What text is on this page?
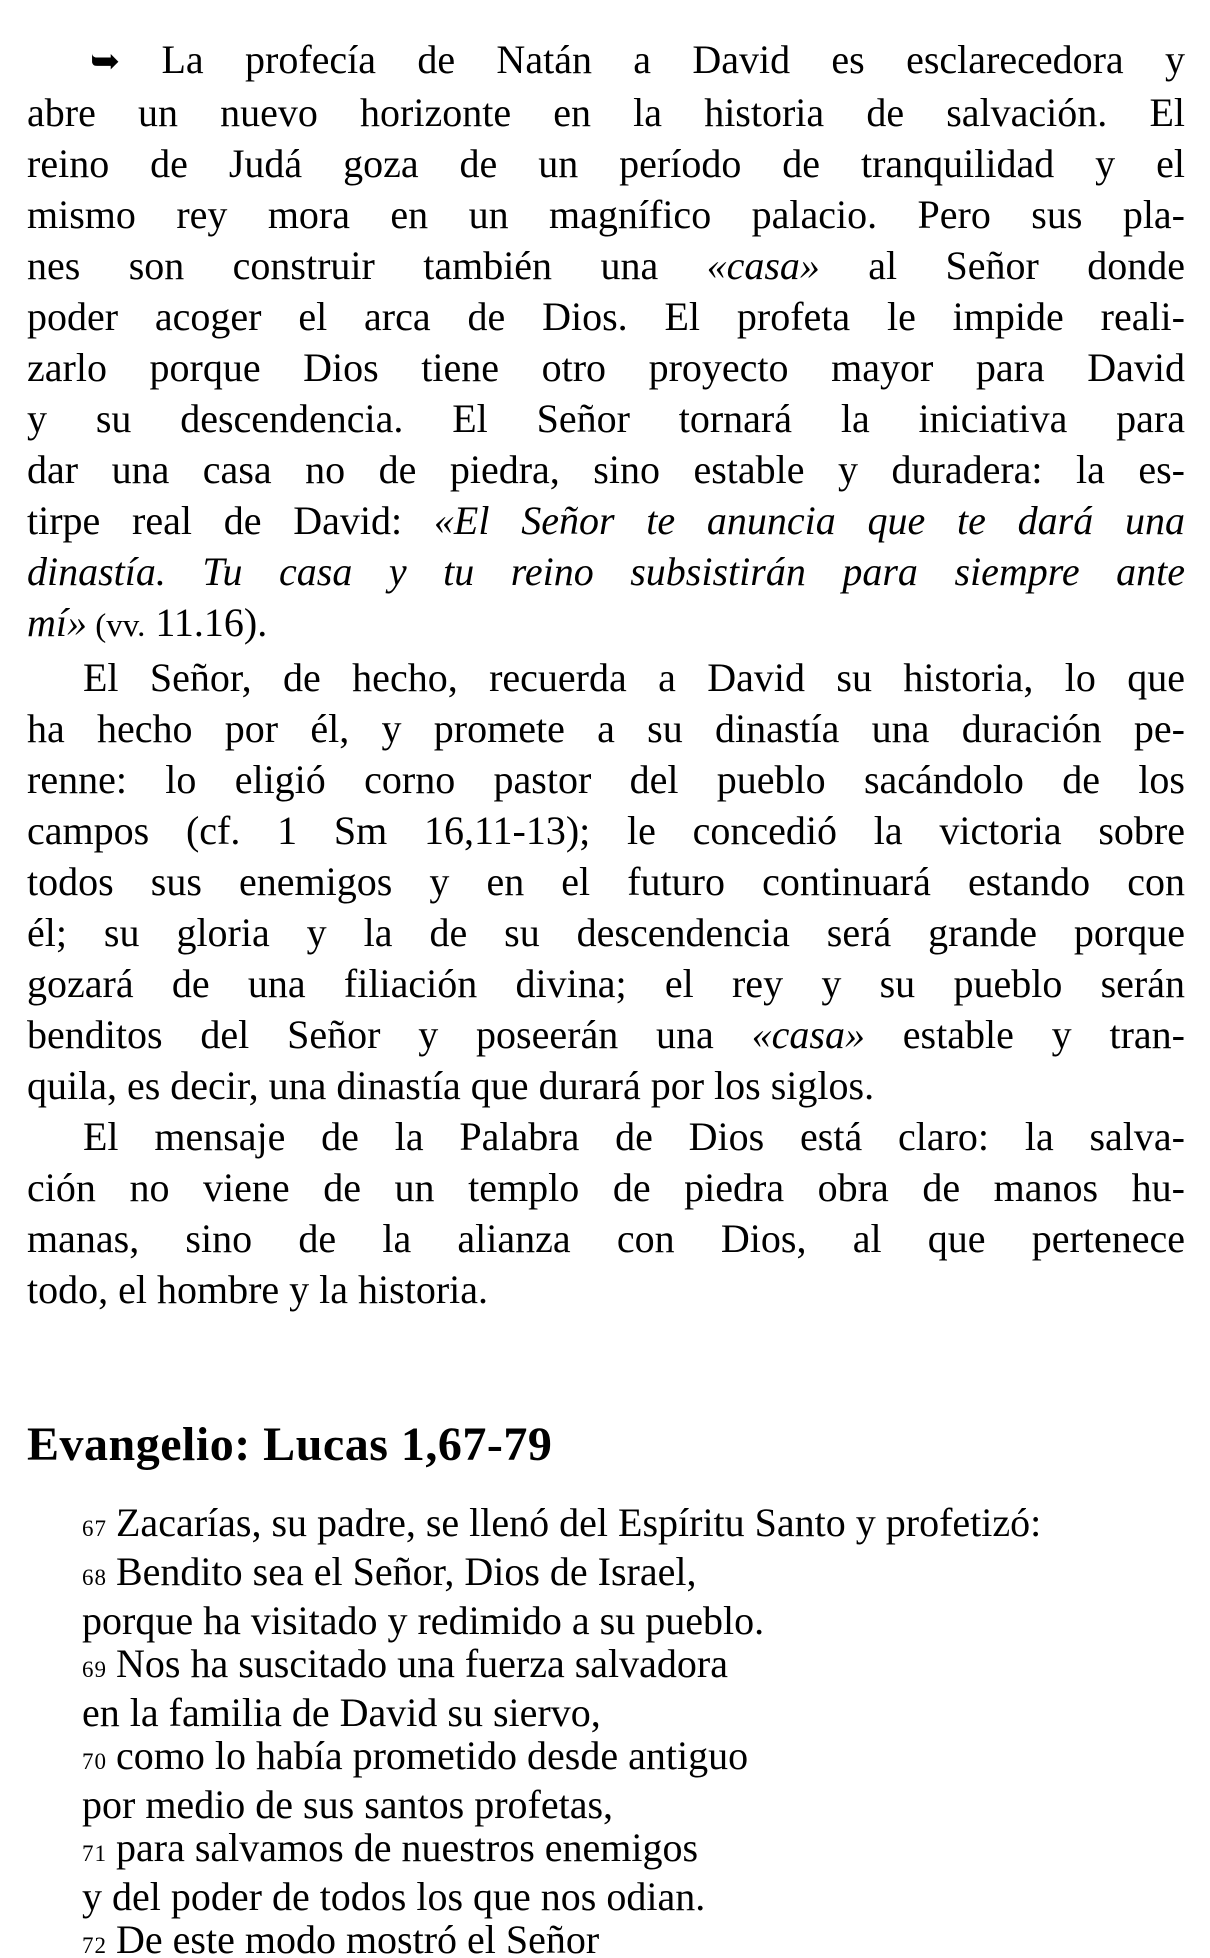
➥ La profecía de Natán a David es esclarecedora y
abre un nuevo horizonte en la historia de salvación. El
reino de Judá goza de un período de tranquilidad y el
mismo rey mora en un magnífico palacio. Pero sus pla-
nes son construir también una «casa» al Señor donde
poder acoger el arca de Dios. El profeta le impide reali-
zarlo porque Dios tiene otro proyecto mayor para David
y su descendencia. El Señor tornará la iniciativa para
dar una casa no de piedra, sino estable y duradera: la es-
tirpe real de David: «El Señor te anuncia que te dará una
dinastía. Tu casa y tu reino subsistirán para siempre ante
mí» (vv. 11.16).
El Señor, de hecho, recuerda a David su historia, lo que
ha hecho por él, y promete a su dinastía una duración pe-
renne: lo eligió corno pastor del pueblo sacándolo de los
campos (cf. 1 Sm 16,11-13); le concedió la victoria sobre
todos sus enemigos y en el futuro continuará estando con
él; su gloria y la de su descendencia será grande porque
gozará de una filiación divina; el rey y su pueblo serán
benditos del Señor y poseerán una «casa» estable y tran-
quila, es decir, una dinastía que durará por los siglos.
El mensaje de la Palabra de Dios está claro: la salva-
ción no viene de un templo de piedra obra de manos hu-
manas, sino de la alianza con Dios, al que pertenece
todo, el hombre y la historia.
Evangelio: Lucas 1,67-79
67 Zacarías, su padre, se llenó del Espíritu Santo y profetizó:
68 Bendito sea el Señor, Dios de Israel,
porque ha visitado y redimido a su pueblo.
69 Nos ha suscitado una fuerza salvadora
en la familia de David su siervo,
70 como lo había prometido desde antiguo
por medio de sus santos profetas,
71 para salvamos de nuestros enemigos
y del poder de todos los que nos odian.
72 De este modo mostró el Señor
